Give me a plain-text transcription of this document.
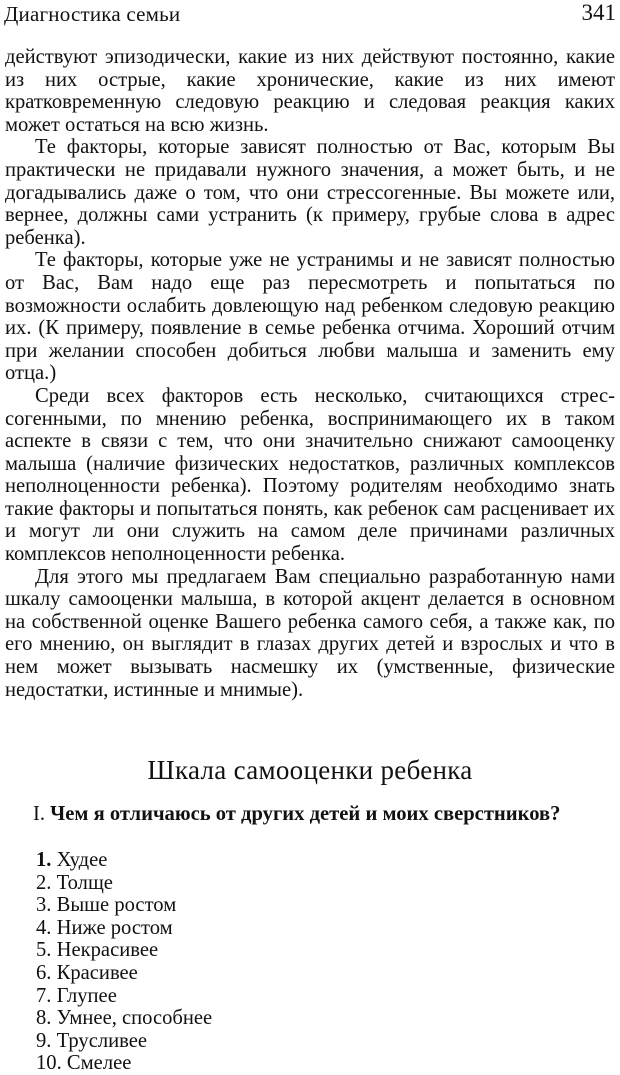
Диагностика семьи	341

действуют эпизодически, какие из них действуют постоянно, какие из них острые, какие хронические, какие из них имеют кратковременную следовую реакцию и следовая реакция каких может остаться на всю жизнь.

Те факторы, которые зависят полностью от Вас, которым Вы практически не придавали нужного значения, а может быть, и не догадывались даже о том, что они стрессогенные. Вы можете или, вернее, должны сами устранить (к примеру, грубые слова в адрес ребенка).

Те факторы, которые уже не устранимы и не зависят полностью от Вас, Вам надо еще раз пересмотреть и попытаться по возможности ослабить довлеющую над ребенком следовую реакцию их. (К примеру, появление в семье ребенка отчима. Хороший отчим при желании способен добиться любви малыша и заменить ему отца.)

Среди всех факторов есть несколько, считающихся стрессогенными, по мнению ребенка, воспринимающего их в таком аспекте в связи с тем, что они значительно снижают самооценку малыша (наличие физических недостатков, различных комплексов неполноценности ребенка). Поэтому родителям необходимо знать такие факторы и попытаться понять, как ребенок сам расценивает их и могут ли они служить на самом деле причинами различных комплексов неполноценности ребенка.

Для этого мы предлагаем Вам специально разработанную нами шкалу самооценки малыша, в которой акцент делается в основном на собственной оценке Вашего ребенка самого себя, а также как, по его мнению, он выглядит в глазах других детей и взрослых и что в нем может вызывать насмешку их (умственные, физические недостатки, истинные и мнимые).

Шкала самооценки ребенка

I. Чем я отличаюсь от других детей и моих сверстников?

1. Худее
2. Толще
3. Выше ростом
4. Ниже ростом
5. Некрасивее
6. Красивее
7. Глупее
8. Умнее, способнее
9. Трусливее
10. Смелее
